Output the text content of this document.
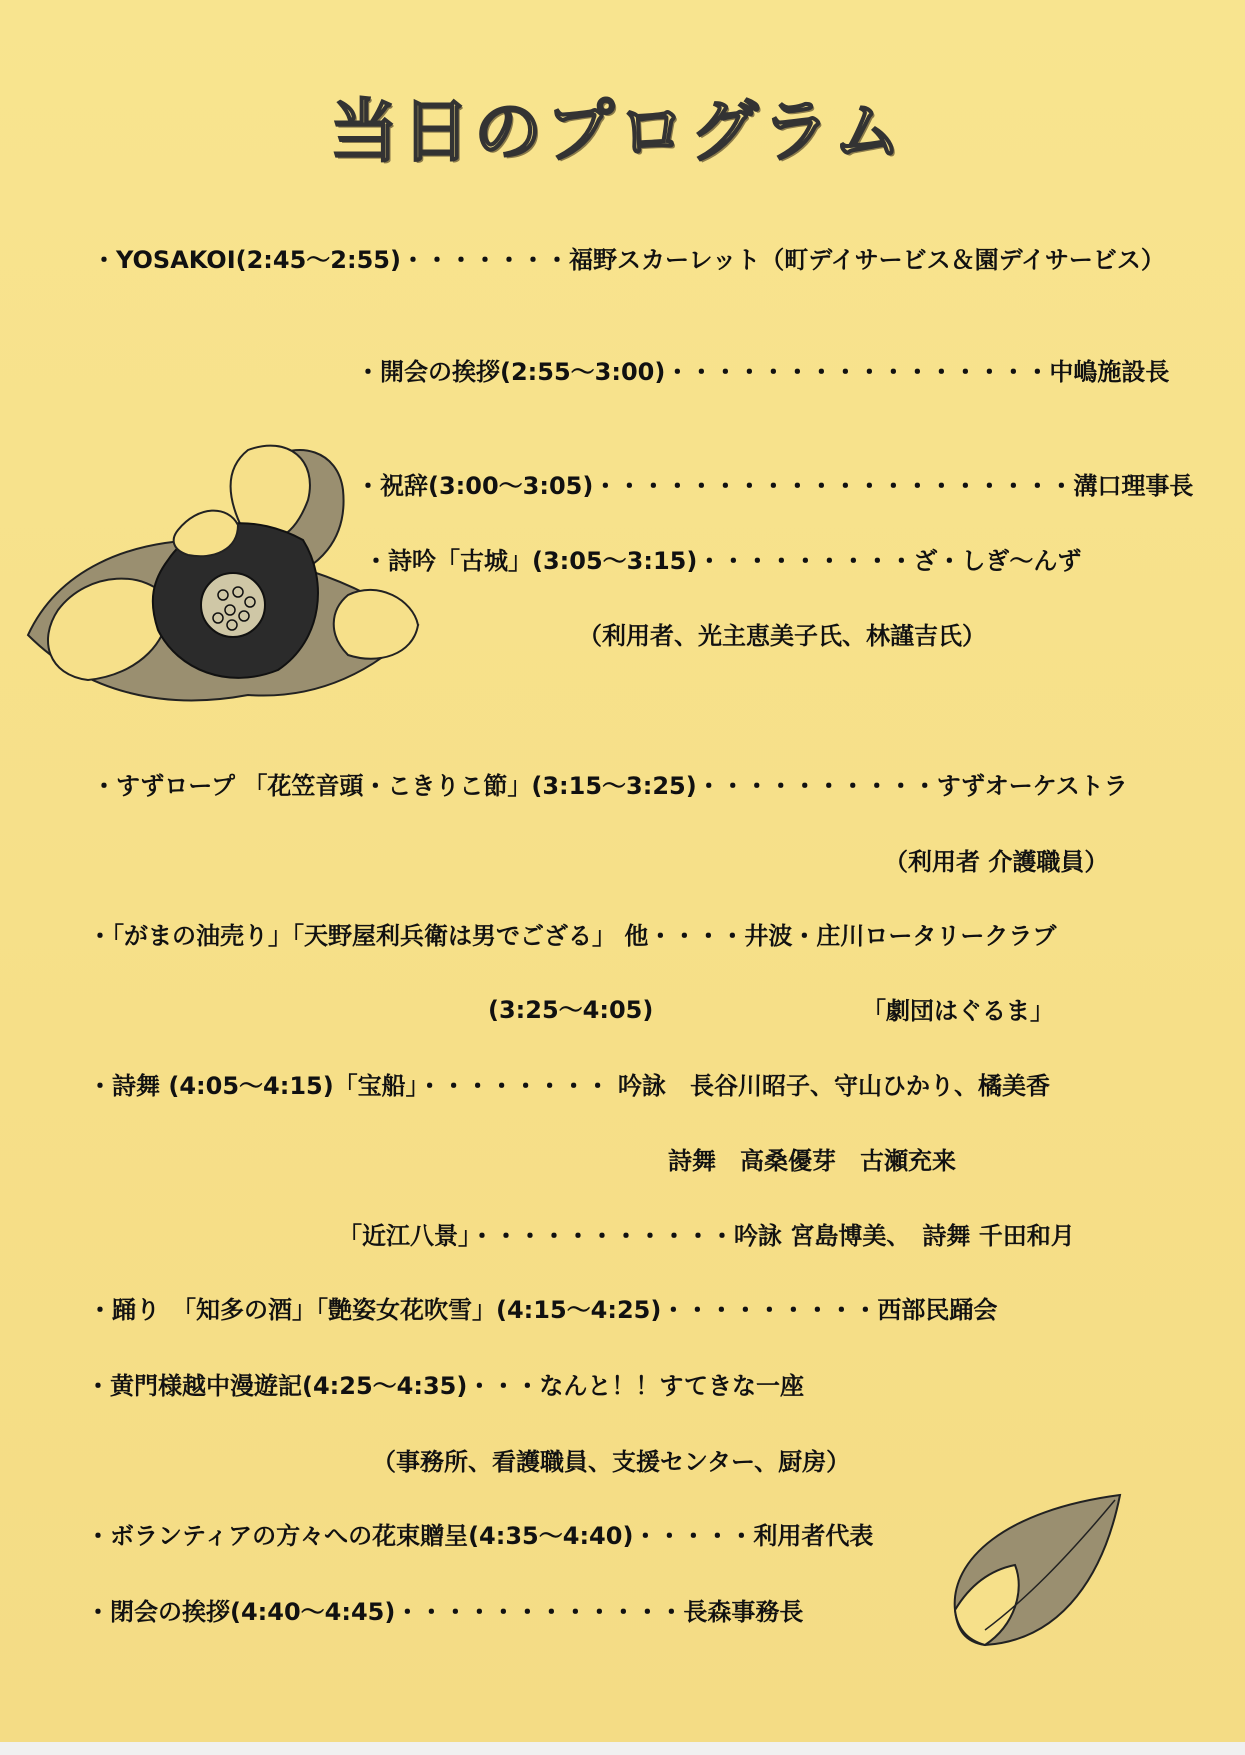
当日のプログラム
・YOSAKOI(2:45～2:55)・・・・・・・福野スカーレット（町デイサービス＆園デイサービス）
・開会の挨拶(2:55～3:00)・・・・・・・・・・・・・・・・中嶋施設長
・祝辞(3:00～3:05)・・・・・・・・・・・・・・・・・・・・溝口理事長
・詩吟「古城」(3:05～3:15)・・・・・・・・・ざ・しぎ～んず
（利用者、光主恵美子氏、林謹吉氏）
・すずロープ 「花笠音頭・こきりこ節」(3:15～3:25)・・・・・・・・・・すずオーケストラ
（利用者 介護職員）
・「がまの油売り」「天野屋利兵衛は男でござる」 他・・・・井波・庄川ロータリークラブ
(3:25～4:05)	「劇団はぐるま」
・詩舞 (4:05～4:15)「宝船」・・・・・・・・ 吟詠　長谷川昭子、守山ひかり、橘美香
詩舞　高桑優芽　古瀬充来
「近江八景」・・・・・・・・・・・吟詠 宮島博美、　詩舞 千田和月
・踊り　「知多の酒」「艶姿女花吹雪」(4:15～4:25)・・・・・・・・・西部民踊会
・黄門様越中漫遊記(4:25～4:35)・・・なんと！！すてきな一座
（事務所、看護職員、支援センター、厨房）
・ボランティアの方々への花束贈呈(4:35～4:40)・・・・・利用者代表
・閉会の挨拶(4:40～4:45)・・・・・・・・・・・・長森事務長
